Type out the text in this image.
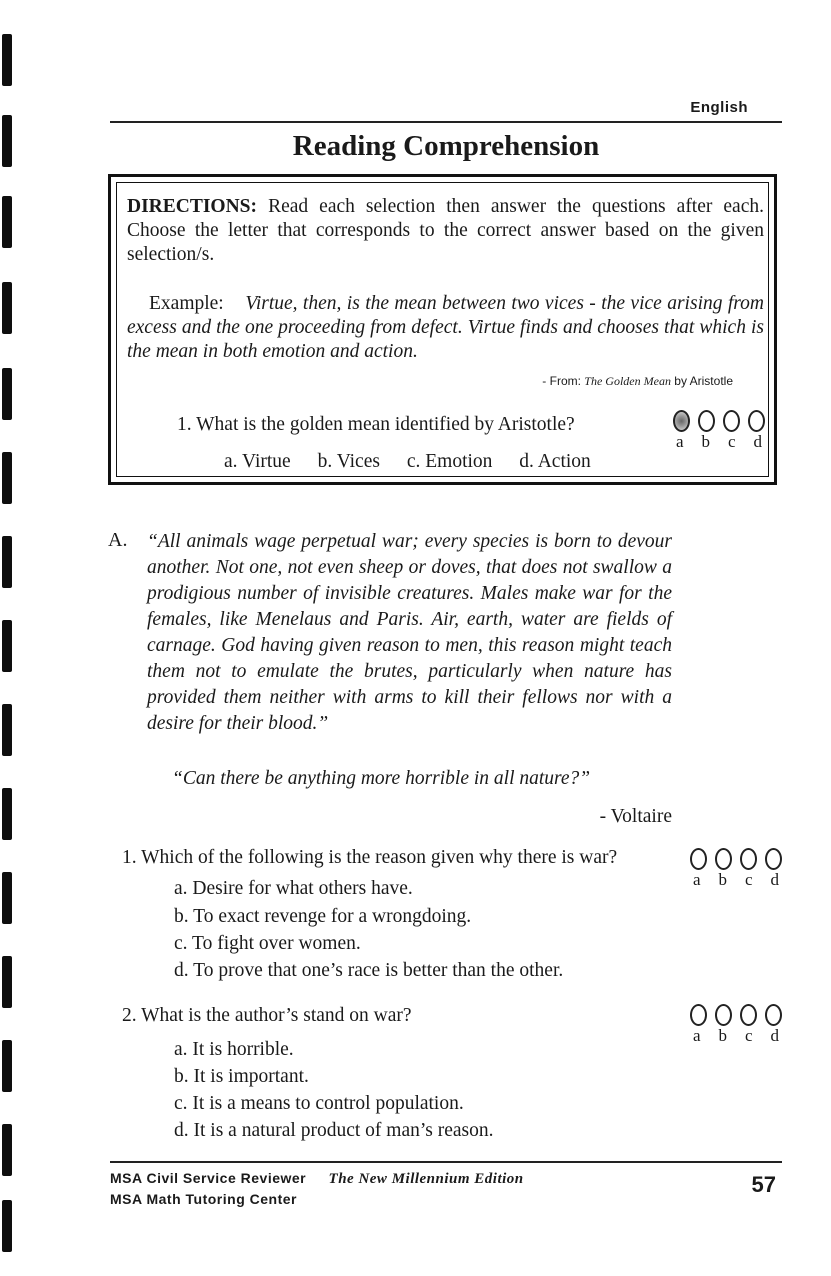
English
Reading Comprehension
DIRECTIONS: Read each selection then answer the questions after each. Choose the letter that corresponds to the correct answer based on the given selection/s.
Example: Virtue, then, is the mean between two vices - the vice arising from excess and the one proceeding from defect. Virtue finds and chooses that which is the mean in both emotion and action.
- From: The Golden Mean by Aristotle
1. What is the golden mean identified by Aristotle?
a. Virtue b. Vices c. Emotion d. Action
a b c d
A. “All animals wage perpetual war; every species is born to devour another. Not one, not even sheep or doves, that does not swallow a prodigious number of invisible creatures. Males make war for the females, like Menelaus and Paris. Air, earth, water are fields of carnage. God having given reason to men, this reason might teach them not to emulate the brutes, particularly when nature has provided them neither with arms to kill their fellows nor with a desire for their blood.”
“Can there be anything more horrible in all nature?”
- Voltaire
1. Which of the following is the reason given why there is war?
a. Desire for what others have.
b. To exact revenge for a wrongdoing.
c. To fight over women.
d. To prove that one’s race is better than the other.
a b c d
2. What is the author’s stand on war?
a. It is horrible.
b. It is important.
c. It is a means to control population.
d. It is a natural product of man’s reason.
a b c d
MSA Civil Service Reviewer The New Millennium Edition
MSA Math Tutoring Center
57
